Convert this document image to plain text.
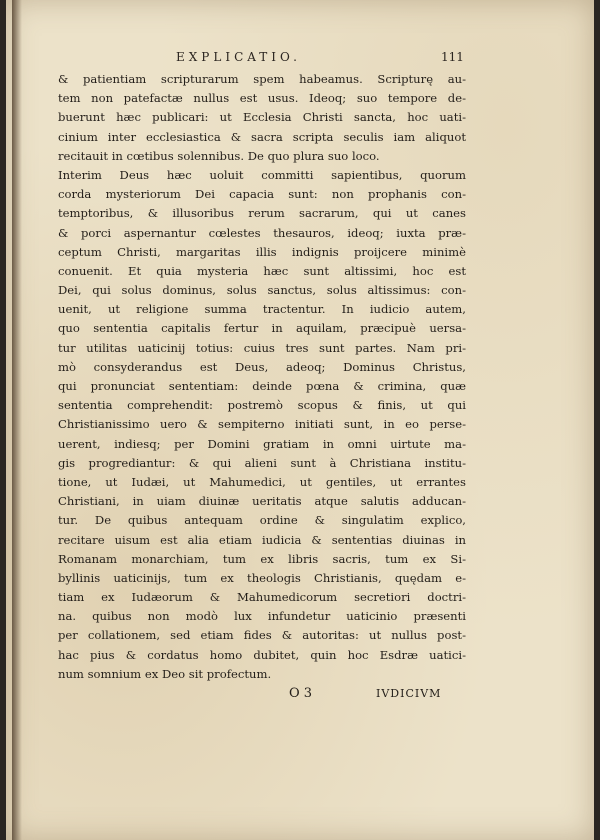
EXPLICATIO.	111
& patientiam scripturarum spem habeamus. Scripturę au-
tem non patefactæ nullus est usus. Ideoq; suo tempore de-
buerunt hæc publicari: ut Ecclesia Christi sancta, hoc uati-
cinium inter ecclesiastica & sacra scripta seculis iam aliquot
recitauit in cœtibus solennibus. De quo plura suo loco.
Interim Deus hæc uoluit committi sapientibus, quorum
corda mysteriorum Dei capacia sunt: non prophanis con-
temptoribus, & illusoribus rerum sacrarum, qui ut canes
& porci aspernantur cœlestes thesauros, ideoq; iuxta præ-
ceptum Christi, margaritas illis indignis proijcere minimè
conuenit. Et quia mysteria hæc sunt altissimi, hoc est
Dei, qui solus dominus, solus sanctus, solus altissimus: con-
uenit, ut religione summa tractentur. In iudicio autem,
quo sententia capitalis fertur in aquilam, præcipuè uersa-
tur utilitas uaticinij totius: cuius tres sunt partes. Nam pri-
mò consyderandus est Deus, adeoq; Dominus Christus,
qui pronunciat sententiam: deinde pœna & crimina, quæ
sententia comprehendit: postremò scopus & finis, ut qui
Christianissimo uero & sempiterno initiati sunt, in eo perse-
uerent, indiesq; per Domini gratiam in omni uirtute ma-
gis progrediantur: & qui alieni sunt à Christiana institu-
tione, ut Iudæi, ut Mahumedici, ut gentiles, ut errantes
Christiani, in uiam diuinæ ueritatis atque salutis adducan-
tur. De quibus antequam ordine & singulatim explico,
recitare uisum est alia etiam iudicia & sententias diuinas in
Romanam monarchiam, tum ex libris sacris, tum ex Si-
byllinis uaticinijs, tum ex theologis Christianis, quędam e-
tiam ex Iudæorum & Mahumedicorum secretiori doctri-
na. quibus non modò lux infundetur uaticinio præsenti
per collationem, sed etiam fides & autoritas: ut nullus post-
hac pius & cordatus homo dubitet, quin hoc Esdræ uatici-
num somnium ex Deo sit profectum.
O 3	IVDICIVM
